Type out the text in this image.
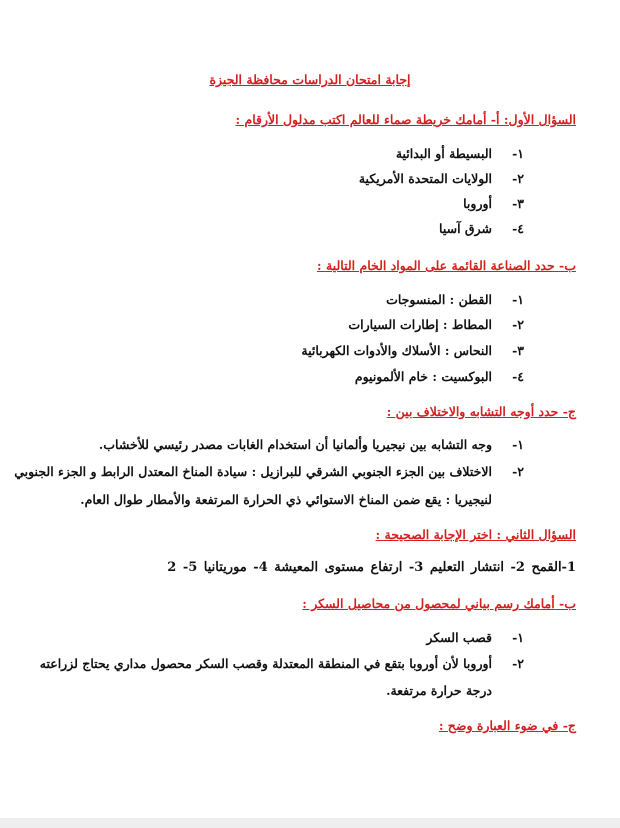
إجابة امتحان الدراسات محافظة الجيزة
السؤال الأول: أ- أمامك خريطة صماء للعالم اكتب مدلول الأرقام :
١-
البسيطة أو البدائية
٢-
الولايات المتحدة الأمريكية
٣-
أوروبا
٤-
شرق آسيا
ب- حدد الصناعة القائمة على المواد الخام التالية :
١-
القطن : المنسوجات
٢-
المطاط : إطارات السيارات
٣-
النحاس : الأسلاك والأدوات الكهربائية
٤-
البوكسيت : خام الألمونيوم
ج- حدد أوجه التشابه والاختلاف بين :
١-
وجه التشابه بين نيجيريا وألمانيا أن استخدام الغابات مصدر رئيسي للأخشاب.
٢-
الاختلاف بين الجزء الجنوبي الشرقي للبرازيل : سيادة المناخ المعتدل الرابط و الجزء الجنوبي
لنيجيريا : يقع ضمن المناخ الاستوائي ذي الحرارة المرتفعة والأمطار طوال العام.
السؤال الثاني : اختر الإجابة الصحيحة :
1-القمح 2- انتشار التعليم 3- ارتفاع مستوى المعيشة 4- موريتانيا 5- 2
ب- أمامك رسم بياني لمحصول من محاصيل السكر :
١-
قصب السكر
٢-
أوروبا لأن أوروبا بتقع في المنطقة المعتدلة وقصب السكر محصول مداري يحتاج لزراعته
درجة حرارة مرتفعة.
ج- في ضوء العبارة وضح :
